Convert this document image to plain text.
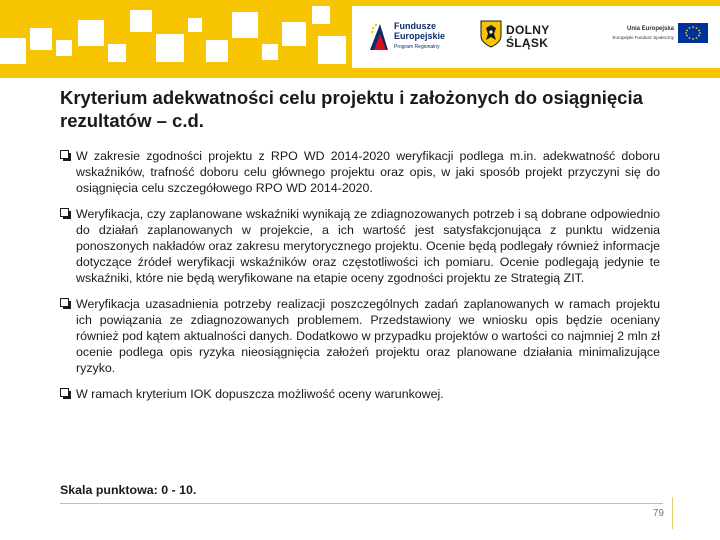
Fundusze
Europejskie
Program Regionalny
DOLNY
ŚLĄSK
Unia Europejska
Europejski Fundusz Społeczny
Kryterium adekwatności celu projektu i założonych do osiągnięcia rezultatów – c.d.
W zakresie zgodności projektu z RPO WD 2014-2020 weryfikacji podlega m.in. adekwatność doboru wskaźników, trafność doboru celu głównego projektu oraz opis, w jaki sposób projekt przyczyni się do osiągnięcia celu szczegółowego RPO WD 2014-2020.
Weryfikacja, czy zaplanowane wskaźniki wynikają ze zdiagnozowanych potrzeb i są dobrane odpowiednio do działań zaplanowanych w projekcie, a ich wartość jest satysfakcjonująca z punktu widzenia ponoszonych nakładów oraz zakresu merytorycznego projektu. Ocenie będą podlegały również informacje dotyczące źródeł weryfikacji wskaźników oraz częstotliwości ich pomiaru. Ocenie podlegają jedynie te wskaźniki, które nie będą weryfikowane na etapie oceny zgodności projektu ze Strategią ZIT.
Weryfikacja uzasadnienia potrzeby realizacji poszczególnych zadań zaplanowanych w ramach projektu ich powiązania ze zdiagnozowanych problemem. Przedstawiony we wniosku opis będzie oceniany również pod kątem aktualności danych. Dodatkowo w przypadku projektów o wartości co najmniej 2 mln zł ocenie podlega opis ryzyka nieosiągnięcia założeń projektu oraz planowane działania minimalizujące ryzyko.
W ramach kryterium IOK dopuszcza możliwość oceny warunkowej.
Skala punktowa: 0 - 10.
79
